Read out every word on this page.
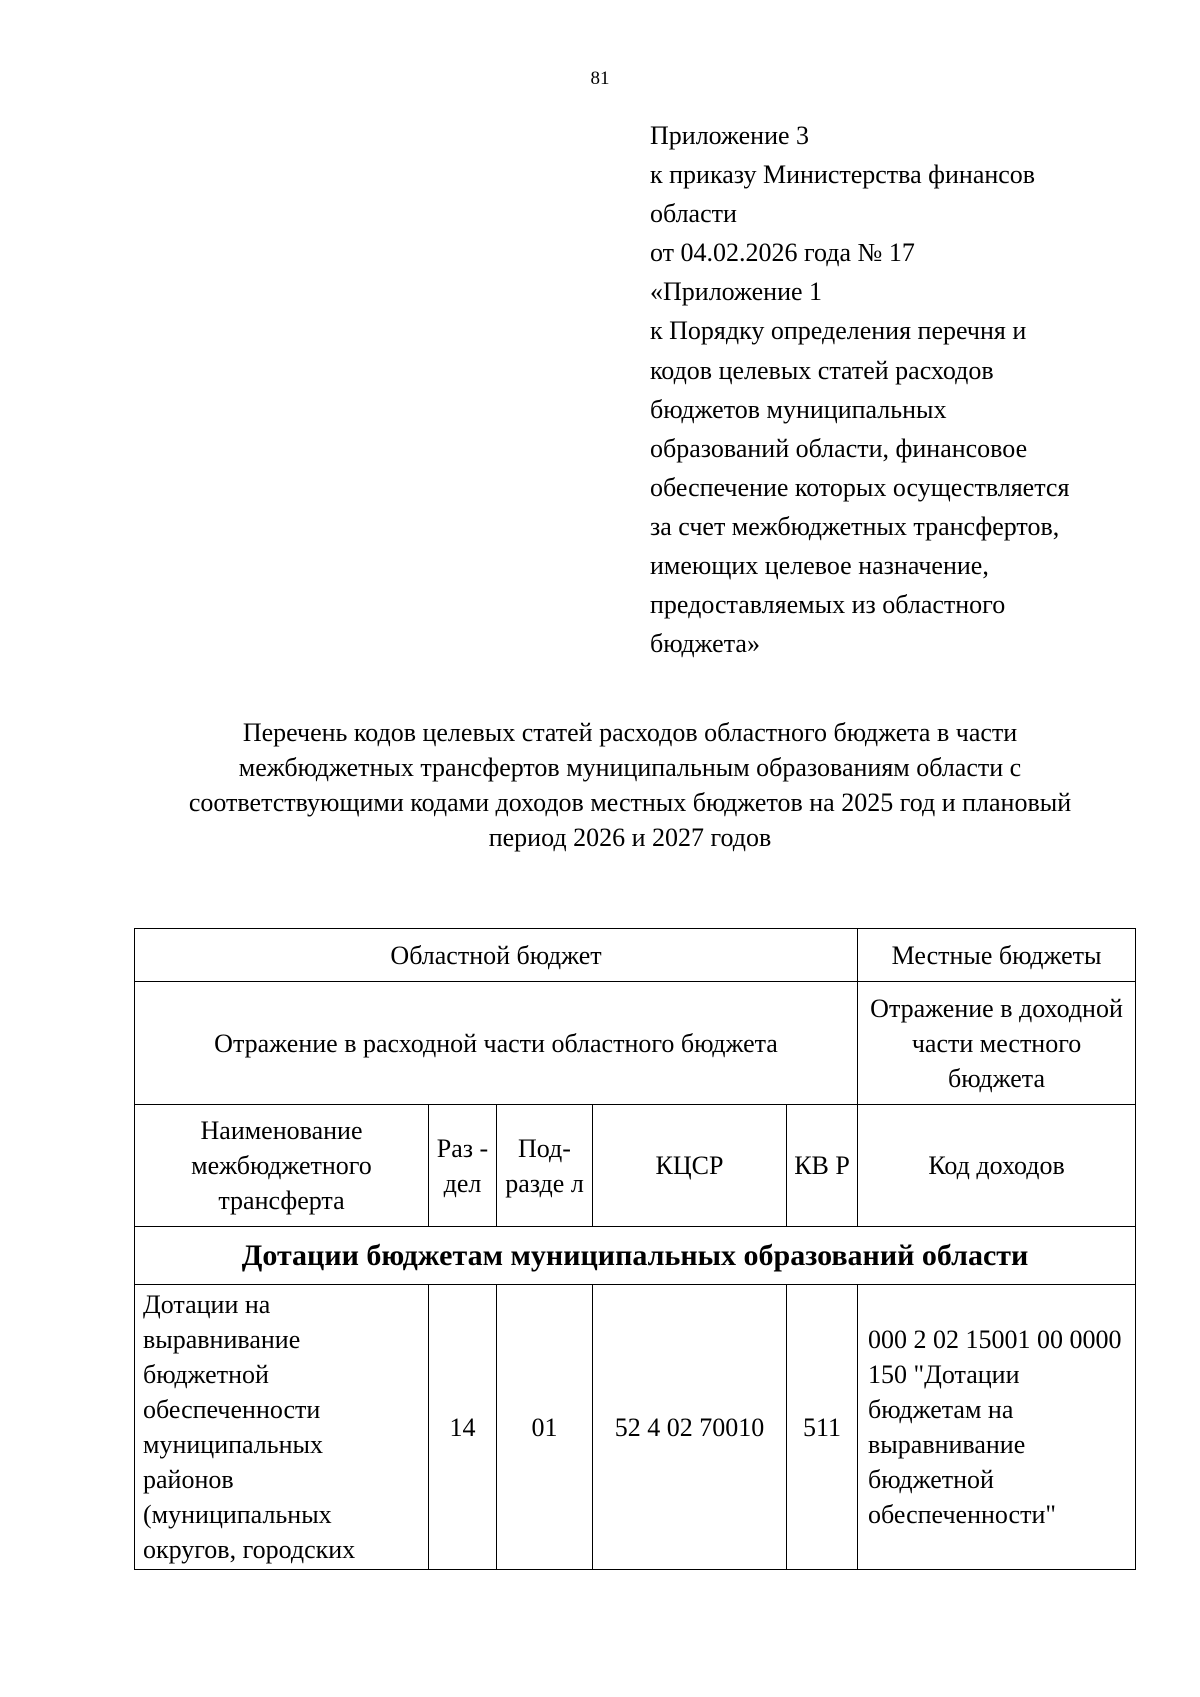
81
Приложение 3
к приказу Министерства финансов
области
от 04.02.2026 года № 17
«Приложение 1
к Порядку определения перечня и
кодов целевых статей расходов
бюджетов муниципальных
образований области, финансовое
обеспечение которых осуществляется
за счет межбюджетных трансфертов,
имеющих целевое назначение,
предоставляемых из областного
бюджета»
Перечень кодов целевых статей расходов областного бюджета в части
межбюджетных трансфертов муниципальным образованиям области с
соответствующими кодами доходов местных бюджетов на 2025 год и плановый
период 2026 и 2027 годов
Областной бюджет					Местные бюджеты
Отражение в расходной части областного бюджета					Отражение в доходной части местного бюджета
Наименование межбюджетного трансферта	Раз - дел	Под- разде л	КЦСР	КВ Р	Код доходов
Дотации бюджетам муниципальных образований области					
Дотации на выравнивание бюджетной обеспеченности муниципальных районов (муниципальных округов, городских	14	01	52 4 02 70010	511	000 2 02 15001 00 0000 150 "Дотации бюджетам на выравнивание бюджетной обеспеченности"
